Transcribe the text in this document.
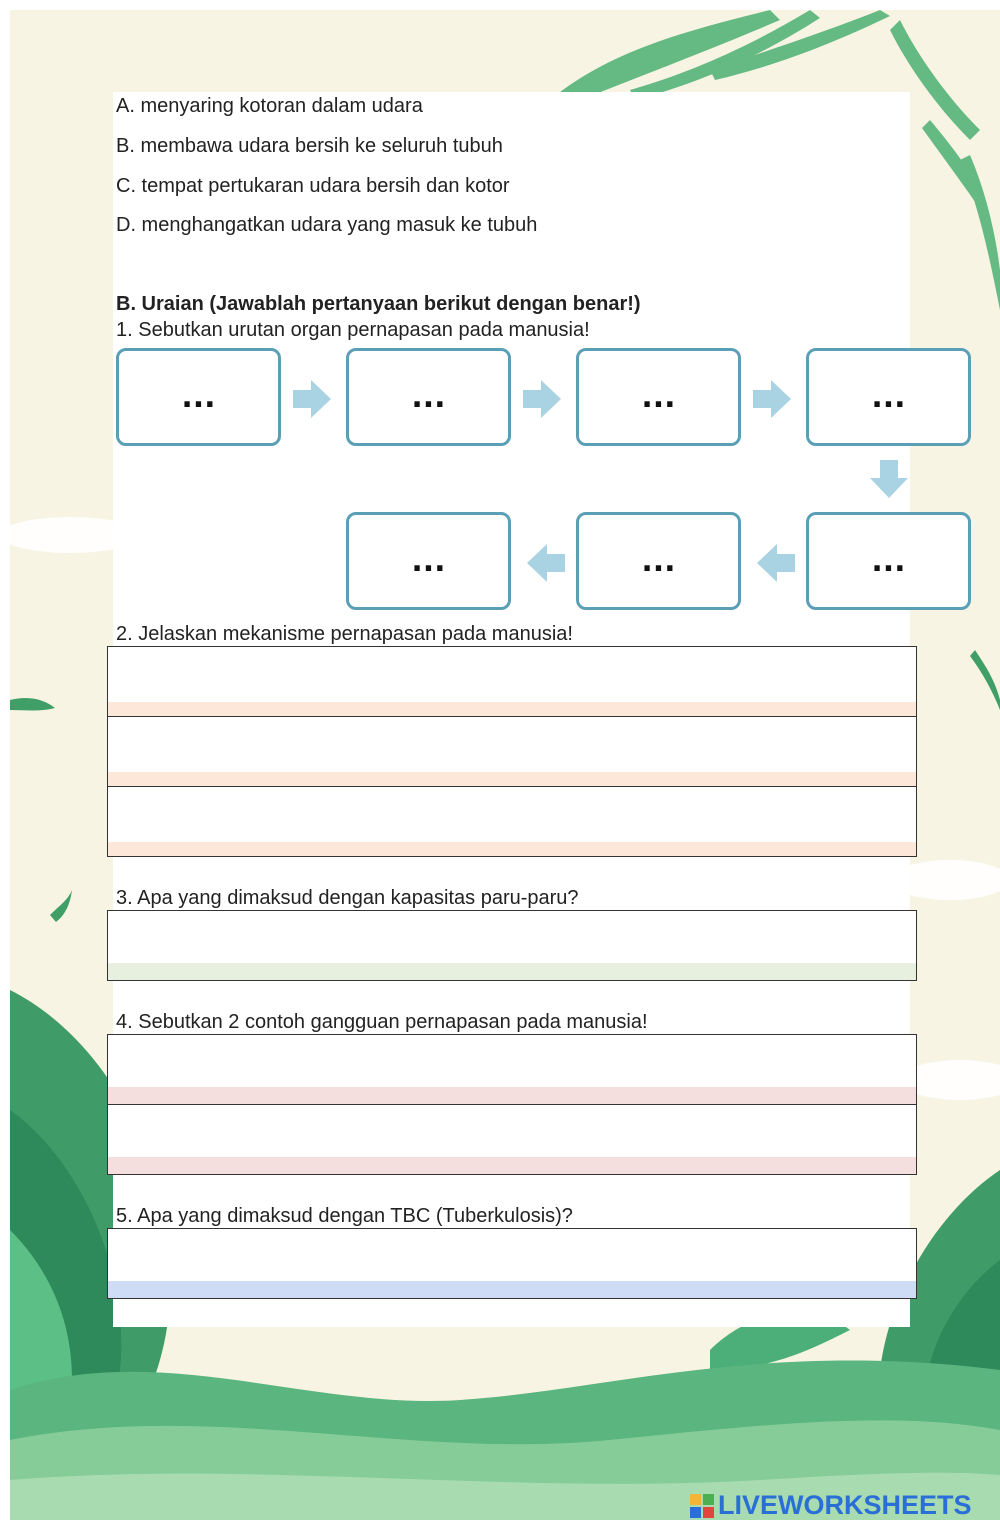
A. menyaring kotoran dalam udara
B. membawa udara bersih ke seluruh tubuh
C. tempat pertukaran udara bersih dan kotor
D. menghangatkan udara yang masuk ke tubuh
B. Uraian (Jawablah pertanyaan berikut dengan benar!)
1. Sebutkan urutan organ pernapasan pada manusia!
...	...	...	...
...
...
...
2. Jelaskan mekanisme pernapasan pada manusia!
3. Apa yang dimaksud dengan kapasitas paru-paru?
4. Sebutkan 2 contoh gangguan pernapasan pada manusia!
5. Apa yang dimaksud dengan TBC (Tuberkulosis)?
LIVEWORKSHEETS
